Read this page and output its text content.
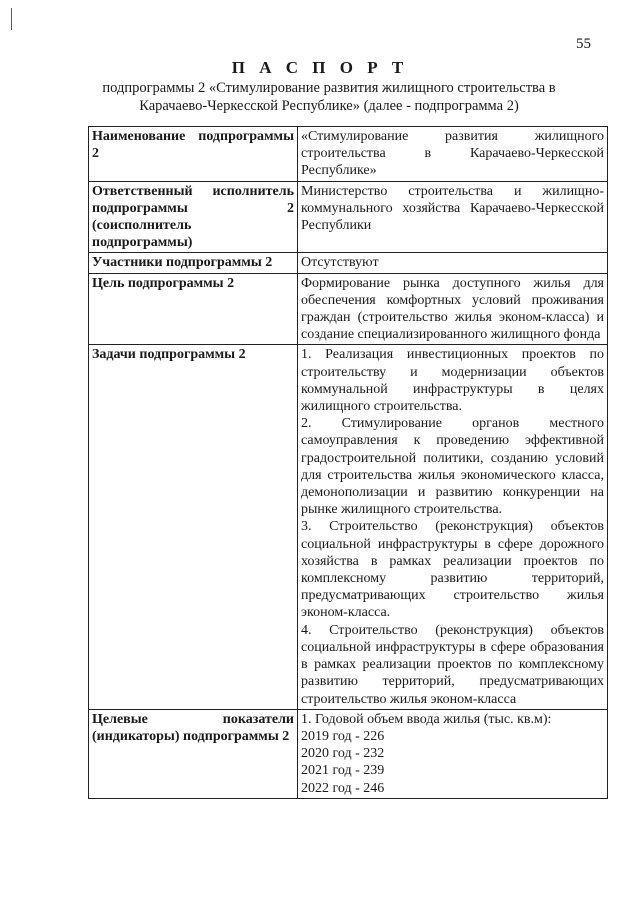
55
П А С П О Р Т
подпрограммы 2 «Стимулирование развития жилищного строительства в Карачаево-Черкесской Республике» (далее - подпрограмма 2)
Наименование подпрограммы 2	«Стимулирование развития жилищного строительства в Карачаево-Черкесской Республике»
Ответственный исполнитель подпрограммы 2 (соисполнитель подпрограммы)	Министерство строительства и жилищно-коммунального хозяйства Карачаево-Черкесской Республики
Участники подпрограммы 2	Отсутствуют
Цель подпрограммы 2	Формирование рынка доступного жилья для обеспечения комфортных условий проживания граждан (строительство жилья эконом-класса) и создание специализированного жилищного фонда
Задачи подпрограммы 2	1. Реализация инвестиционных проектов по строительству и модернизации объектов коммунальной инфраструктуры в целях жилищного строительства.
2. Стимулирование органов местного самоуправления к проведению эффективной градостроительной политики, созданию условий для строительства жилья экономического класса, демонополизации и развитию конкуренции на рынке жилищного строительства.
3. Строительство (реконструкция) объектов социальной инфраструктуры в сфере дорожного хозяйства в рамках реализации проектов по комплексному развитию территорий, предусматривающих строительство жилья эконом-класса.
4. Строительство (реконструкция) объектов социальной инфраструктуры в сфере образования в рамках реализации проектов по комплексному развитию территорий, предусматривающих строительство жилья эконом-класса

Целевые показатели (индикаторы) подпрограммы 2	1. Годовой объем ввода жилья (тыс. кв.м):
2019 год - 226
2020 год - 232
2021 год - 239
2022 год - 246
